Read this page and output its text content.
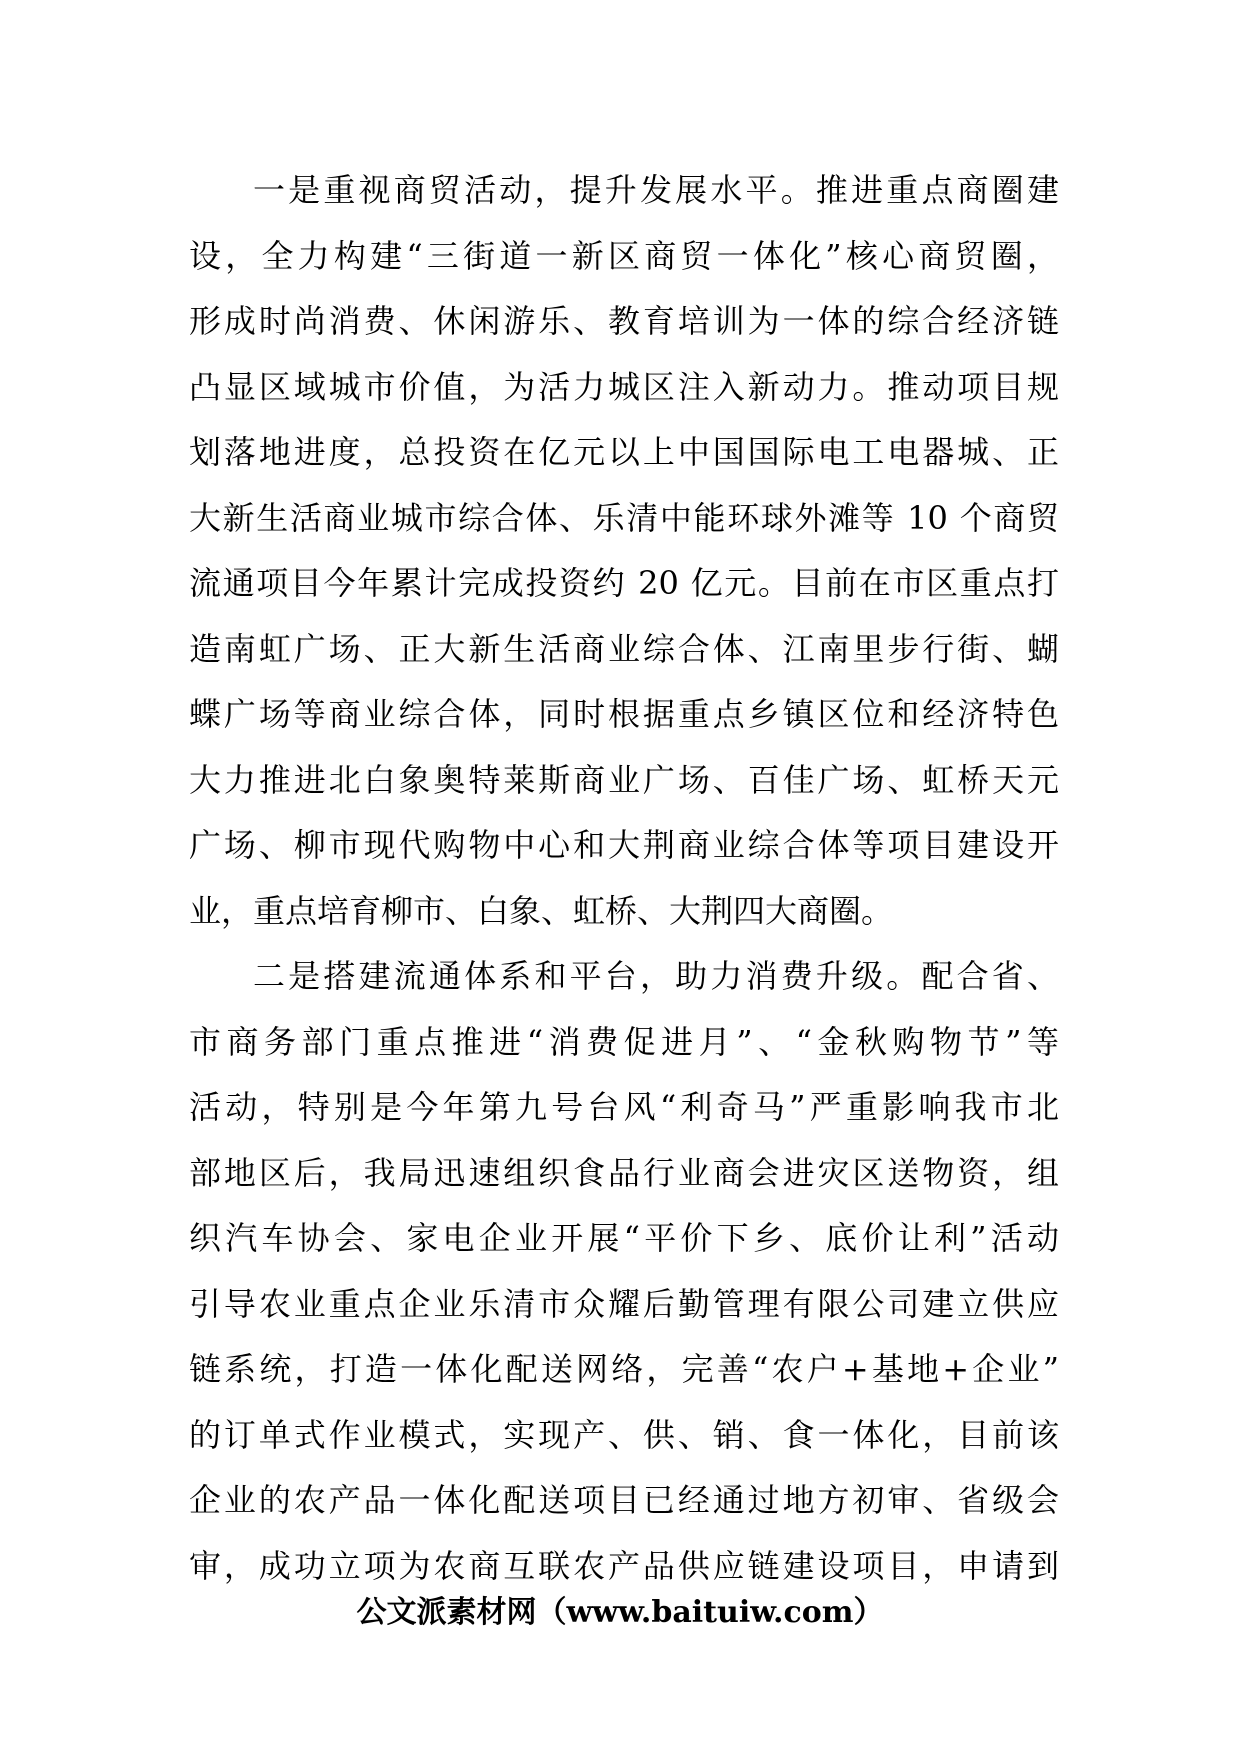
一是重视商贸活动，提升发展水平。推进重点商圈建
设，全力构建“三街道一新区商贸一体化”核心商贸圈，
形成时尚消费、休闲游乐、教育培训为一体的综合经济链
凸显区域城市价值，为活力城区注入新动力。推动项目规
划落地进度，总投资在亿元以上中国国际电工电器城、正
大新生活商业城市综合体、乐清中能环球外滩等 10 个商贸
流通项目今年累计完成投资约 20 亿元。目前在市区重点打
造南虹广场、正大新生活商业综合体、江南里步行街、蝴
蝶广场等商业综合体，同时根据重点乡镇区位和经济特色
大力推进北白象奥特莱斯商业广场、百佳广场、虹桥天元
广场、柳市现代购物中心和大荆商业综合体等项目建设开
业，重点培育柳市、白象、虹桥、大荆四大商圈。
二是搭建流通体系和平台，助力消费升级。配合省、
市商务部门重点推进“消费促进月”、“金秋购物节”等
活动，特别是今年第九号台风“利奇马”严重影响我市北
部地区后，我局迅速组织食品行业商会进灾区送物资，组
织汽车协会、家电企业开展“平价下乡、底价让利”活动
引导农业重点企业乐清市众耀后勤管理有限公司建立供应
链系统，打造一体化配送网络，完善“农户+基地+企业”
的订单式作业模式，实现产、供、销、食一体化，目前该
企业的农产品一体化配送项目已经通过地方初审、省级会
审，成功立项为农商互联农产品供应链建设项目，申请到
公文派素材网（www.baituiw.com）
